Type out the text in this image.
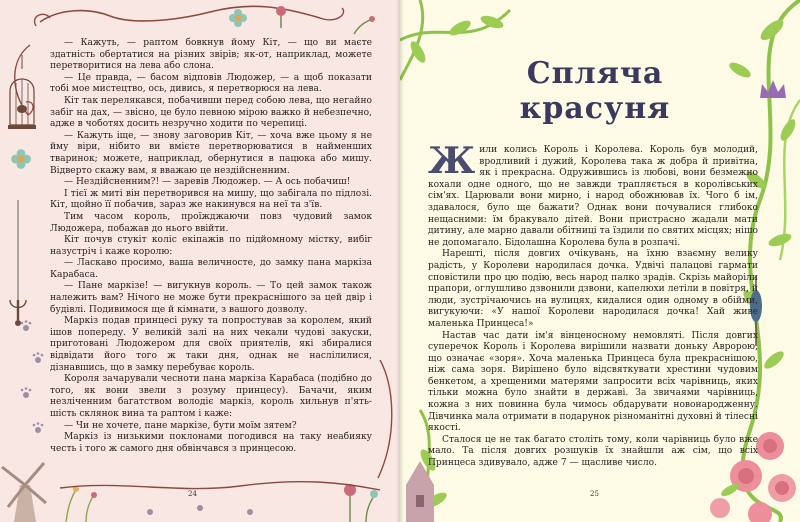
— Кажуть, — раптом бовкнув йому Кіт, — що ви маєте здатність обертатися на різних звірів; як-от, наприклад, можете перетворитися на лева або слона.

— Це правда, — басом відповів Людожер, — а щоб показати тобі мое мистецтво, ось, дивись, я перетворюся на лева.

Кіт так перелякався, побачивши перед собою лева, що негайно забіг на дах, — звісно, це було певною мірою важко й небезпечно, адже в чоботях досить незручно ходити по черепиці.

— Кажуть іще, — знову заговорив Кіт, — хоча вже цьому я не йму віри, нібито ви вмієте перетворюватися в найменших тваринок; можете, наприклад, обернутися в пацюка або мишу. Відверто скажу вам, я вважаю це нездійсненним.

— Нездійсненним?! — заревів Людожер. — А ось побачиш!

І тієї ж миті він перетворився на мишу, що забігала по підлозі. Кіт, щойно її побачив, зараз же накинувся на неї та з'їв.

Тим часом король, проїжджаючи повз чудовий замок Людожера, побажав до нього ввійти.

Кіт почув стукіт коліс екіпажів по підйомному містку, вибіг назустріч і каже королю:

— Ласкаво просимо, ваша величносте, до замку пана маркіза Карабаса.

— Пане маркізе! — вигукнув король. — То цей замок також належить вам? Нічого не може бути прекраснішого за цей двір і будівлі. Подивимося ще й кімнати, з вашого дозволу.

Маркіз подав принцесі руку та попростував за королем, який ішов попереду. У великій залі на них чекали чудові закуски, приготовані Людожером для своїх приятелів, які збиралися відвідати його того ж таки дня, однак не наслілилися, дізнавшись, що в замку перебуває король.

Короля зачарували чесноти пана маркіза Карабаса (подібно до того, як вони звели з розуму принцесу). Бачачи, яким незліченним багатством володіє маркіз, король хильнув п'ять-шість склянок вина та раптом і каже:

— Чи не хочете, пане маркізе, бути моїм зятем?

Маркіз із низькими поклонами погодився на таку неабияку честь і того ж самого дня обвінчався з принцесою.

24
Спляча красуня

Жили колись Король і Королева. Король був молодий, вродливий і дужий, Королева така ж добра й привітна, як і прекрасна. Одружившись із любові, вони безмежно кохали одне одного, що не завжди трапляється в королівських сім'ях. Царювали вони мирно, і народ обожнював їх. Чого б ім, здавалося, було ще бажати? Однак вони почувалися глибоко нещасними: їм бракувало дітей. Вони пристрасно жадали мати дитину, але марно давали обітниці та їздили по святих місцях; нішо не допомагало. Бідолашна Королева була в розпачі.

Нарешті, після довгих очікувань, на їхню взаємну велику радість, у Королеви народилася дочка. Удвічі палацові гармати сповістили про цю подію, весь народ палко зрадів. Скрізь майоріли прапори, оглушливо дзвонили дзвони, капелюхи летіли в повітря, й люди, зустрічаючись на вулицях, кидалися один одному в обійми, вигукуючи: «У нашої Королеви народилася дочка! Хай живе маленька Принцеса!»

Настав час дати ім'я вінценосному немовляті. Після довгих суперечок Король і Королева вирішили назвати доньку Авророю, що означає «зоря». Хоча маленька Принцеса була прекраснішою, ніж сама зоря. Вирішено було відсвяткувати хрестини чудовим бенкетом, а хрещеними матерями запросити всіх чарівниць, яких тільки можна було знайти в державі. За звичаями чарівниць, кожна з них повинна була чимось обдарувати новонародженну. Дівчинка мала отримати в подарунок різноманітні духовні й тілесні якості.

Сталося це не так багато століть тому, коли чарівниць було вже мало. Та після довгих розшуків їх знайшли аж сім, що всіх Принцеса здивувало, адже 7 — щасливе число.

25
